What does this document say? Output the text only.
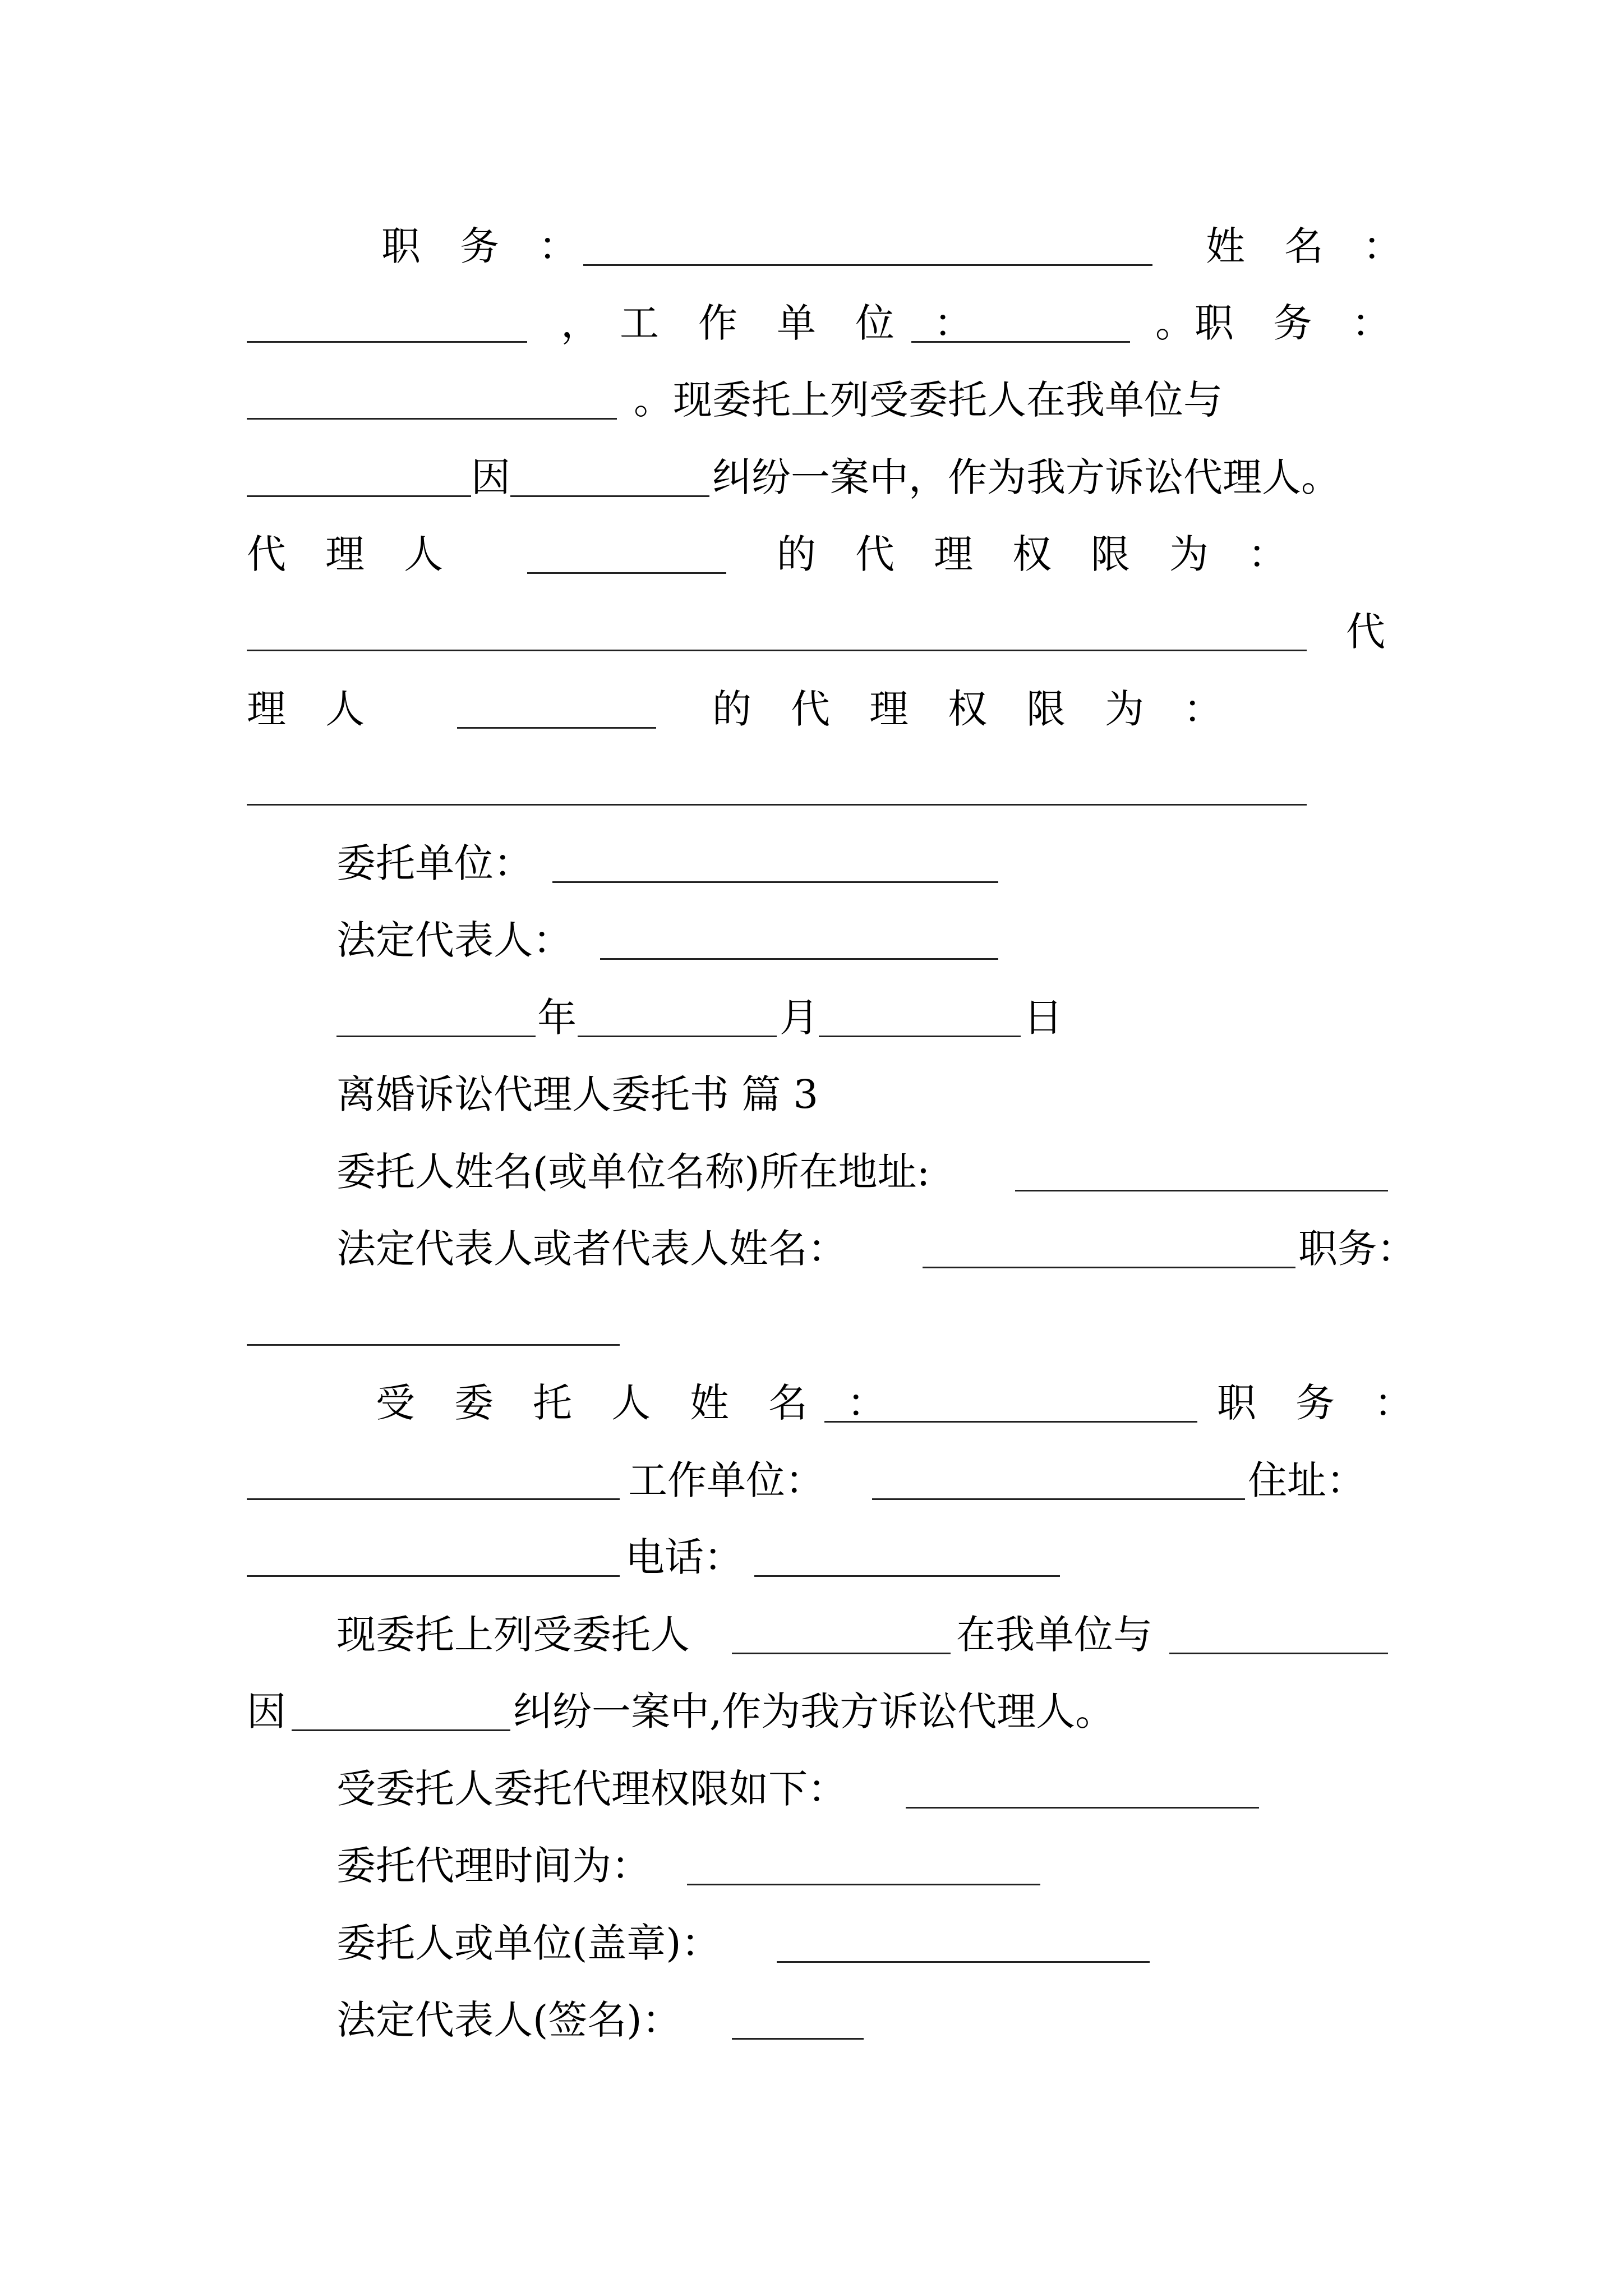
职　务　：	姓　名　：
，　工　作　单　位　：	。职　务　：
。现委托上列受委托人在我单位与
因	纠纷一案中，作为我方诉讼代理人。
代　理　人	的　代　理　权　限　为　：
代
理　人	的　代　理　权　限　为　：
委托单位：
法定代表人：
年	月	日
离婚诉讼代理人委托书 篇 3
委托人姓名(或单位名称)所在地址:
法定代表人或者代表人姓名：	职务：
受　委　托　人　姓　名　：	职　务　：
工作单位：	住址：
电话：
现委托上列受委托人	在我单位与
因	纠纷一案中,作为我方诉讼代理人。
受委托人委托代理权限如下：
委托代理时间为：
委托人或单位(盖章)：
法定代表人(签名)：
